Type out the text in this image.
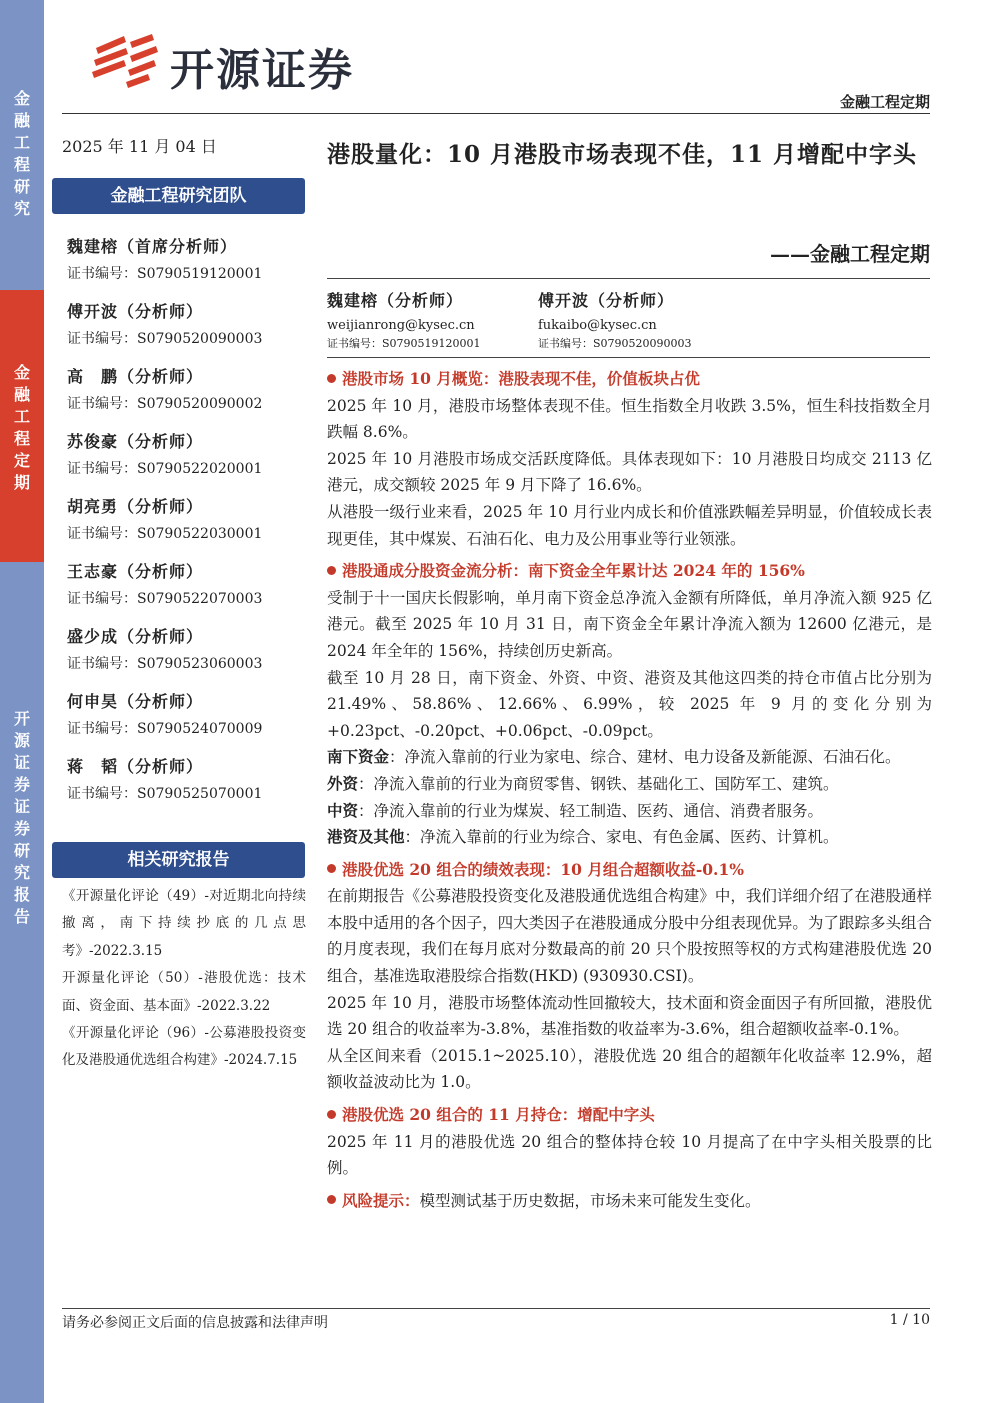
金融工程研究
金融工程定期
开源证券 证券研究报告
开源证券
金融工程定期
2025 年 11 月 04 日
金融工程研究团队
魏建榕（首席分析师）
证书编号：S0790519120001
傅开波（分析师）
证书编号：S0790520090003
高　鹏（分析师）
证书编号：S0790520090002
苏俊豪（分析师）
证书编号：S0790522020001
胡亮勇（分析师）
证书编号：S0790522030001
王志豪（分析师）
证书编号：S0790522070003
盛少成（分析师）
证书编号：S0790523060003
何申昊（分析师）
证书编号：S0790524070009
蒋　韬（分析师）
证书编号：S0790525070001
相关研究报告
《开源量化评论（49）-对近期北向持续撤离，南下持续抄底的几点思考》-2022.3.15
开源量化评论（50）-港股优选：技术面、资金面、基本面》-2022.3.22
《开源量化评论（96）-公募港股投资变化及港股通优选组合构建》-2024.7.15
港股量化：10 月港股市场表现不佳，11 月增配中字头
——金融工程定期
魏建榕（分析师）
weijianrong@kysec.cn
证书编号：S0790519120001
傅开波（分析师）
fukaibo@kysec.cn
证书编号：S0790520090003
港股市场 10 月概览：港股表现不佳，价值板块占优

2025 年 10 月，港股市场整体表现不佳。恒生指数全月收跌 3.5%，恒生科技指数全月跌幅 8.6%。

2025 年 10 月港股市场成交活跃度降低。具体表现如下：10 月港股日均成交 2113 亿港元，成交额较 2025 年 9 月下降了 16.6%。

从港股一级行业来看，2025 年 10 月行业内成长和价值涨跌幅差异明显，价值较成长表现更佳，其中煤炭、石油石化、电力及公用事业等行业领涨。

港股通成分股资金流分析：南下资金全年累计达 2024 年的 156%

受制于十一国庆长假影响，单月南下资金总净流入金额有所降低，单月净流入额 925 亿港元。截至 2025 年 10 月 31 日，南下资金全年累计净流入额为 12600 亿港元，是 2024 年全年的 156%，持续创历史新高。

截至 10 月 28 日，南下资金、外资、中资、港资及其他这四类的持仓市值占比分别为 21.49%、58.86%、12.66%、6.99%，较 2025 年 9 月的变化分别为+0.23pct、-0.20pct、+0.06pct、-0.09pct。

南下资金：净流入靠前的行业为家电、综合、建材、电力设备及新能源、石油石化。

外资：净流入靠前的行业为商贸零售、钢铁、基础化工、国防军工、建筑。

中资：净流入靠前的行业为煤炭、轻工制造、医药、通信、消费者服务。

港资及其他：净流入靠前的行业为综合、家电、有色金属、医药、计算机。

港股优选 20 组合的绩效表现：10 月组合超额收益-0.1%

在前期报告《公募港股投资变化及港股通优选组合构建》中，我们详细介绍了在港股通样本股中适用的各个因子，四大类因子在港股通成分股中分组表现优异。为了跟踪多头组合的月度表现，我们在每月底对分数最高的前 20 只个股按照等权的方式构建港股优选 20 组合，基准选取港股综合指数(HKD) (930930.CSI)。

2025 年 10 月，港股市场整体流动性回撤较大，技术面和资金面因子有所回撤，港股优选 20 组合的收益率为-3.8%，基准指数的收益率为-3.6%，组合超额收益率-0.1%。

从全区间来看（2015.1~2025.10），港股优选 20 组合的超额年化收益率 12.9%，超额收益波动比为 1.0。

港股优选 20 组合的 11 月持仓：增配中字头

2025 年 11 月的港股优选 20 组合的整体持仓较 10 月提高了在中字头相关股票的比例。

风险提示：模型测试基于历史数据，市场未来可能发生变化。
请务必参阅正文后面的信息披露和法律声明	1 / 10
